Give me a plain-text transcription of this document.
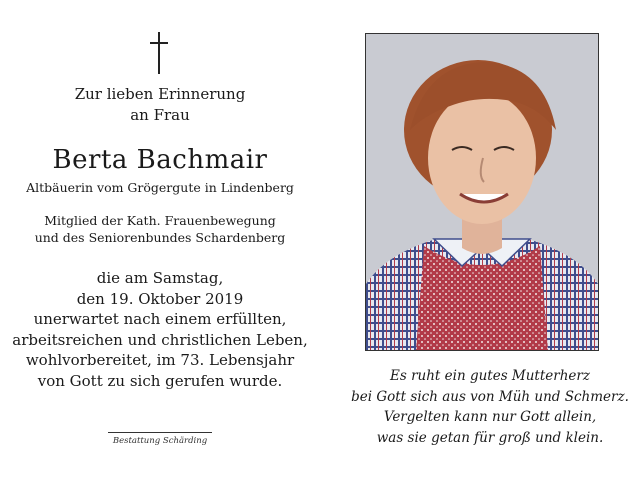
Zur lieben Erinnerung
an Frau
Berta Bachmair
Altbäuerin vom Grögergute in Lindenberg
Mitglied der Kath. Frauenbewegung
und des Seniorenbundes Schardenberg
die am Samstag,
den 19. Oktober 2019
unerwartet nach einem erfüllten,
arbeitsreichen und christlichen Leben,
wohlvorbereitet, im 73. Lebensjahr
von Gott zu sich gerufen wurde.
Bestattung Schärding
Es ruht ein gutes Mutterherz
bei Gott sich aus von Müh und Schmerz.
Vergelten kann nur Gott allein,
was sie getan für groß und klein.
